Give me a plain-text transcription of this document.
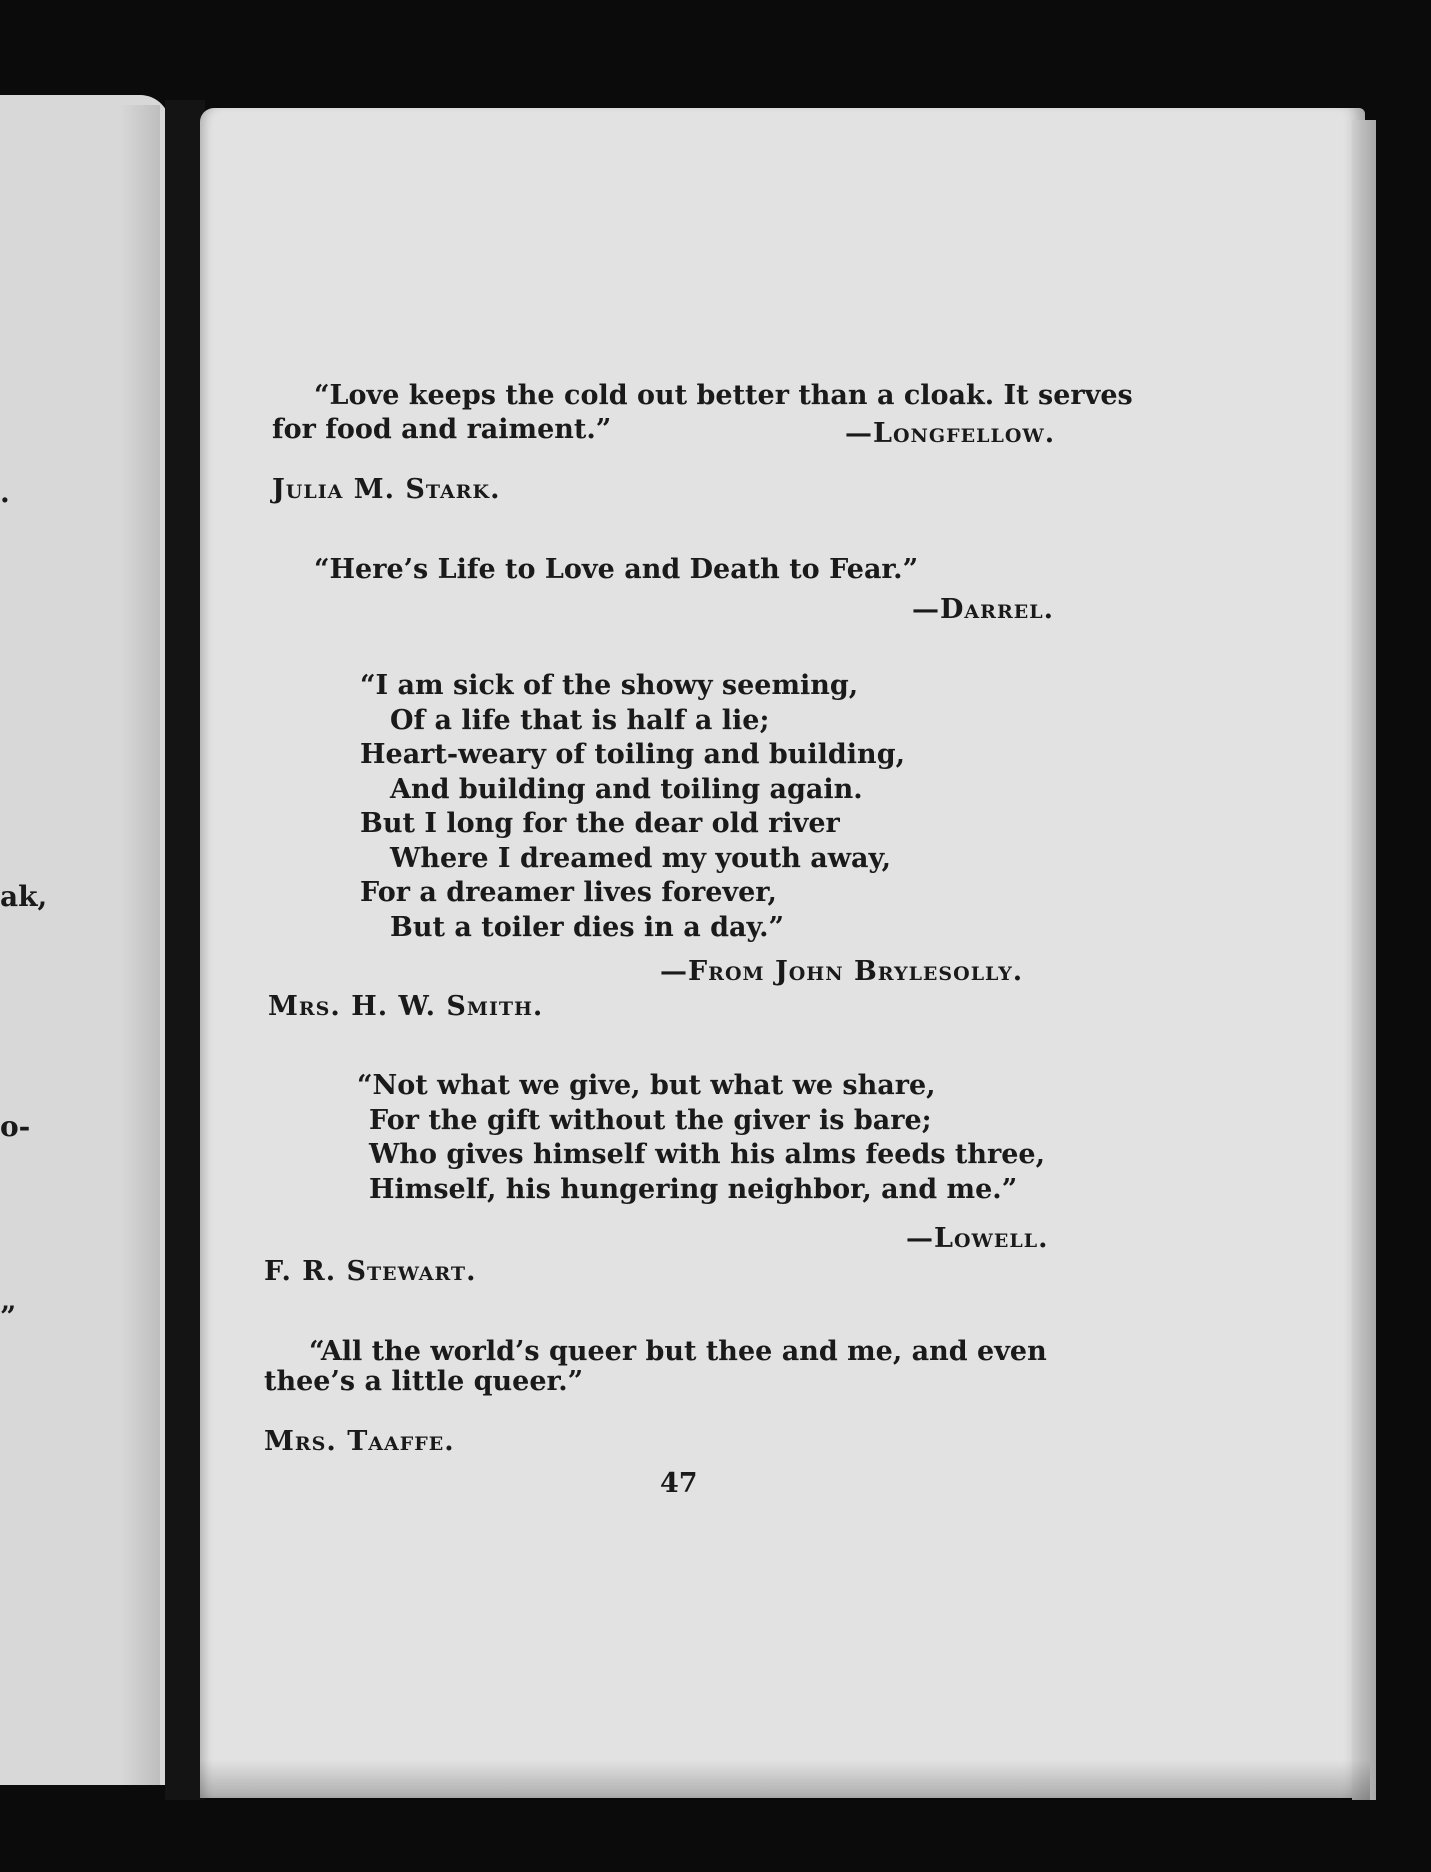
.
ak,
o-
”
“Love keeps the cold out better than a cloak. It serves
for food and raiment.”	—Longfellow.
Julia M. Stark.
“Here’s Life to Love and Death to Fear.”
—Darrel.
“I am sick of the showy seeming,
Of a life that is half a lie;
Heart-weary of toiling and building,
And building and toiling again.
But I long for the dear old river
Where I dreamed my youth away,
For a dreamer lives forever,
But a toiler dies in a day.”
—From John Brylesolly.
Mrs. H. W. Smith.
“Not what we give, but what we share,
For the gift without the giver is bare;
Who gives himself with his alms feeds three,
Himself, his hungering neighbor, and me.”
—Lowell.
F. R. Stewart.
“All the world’s queer but thee and me, and even
thee’s a little queer.”
Mrs. Taaffe.
47
